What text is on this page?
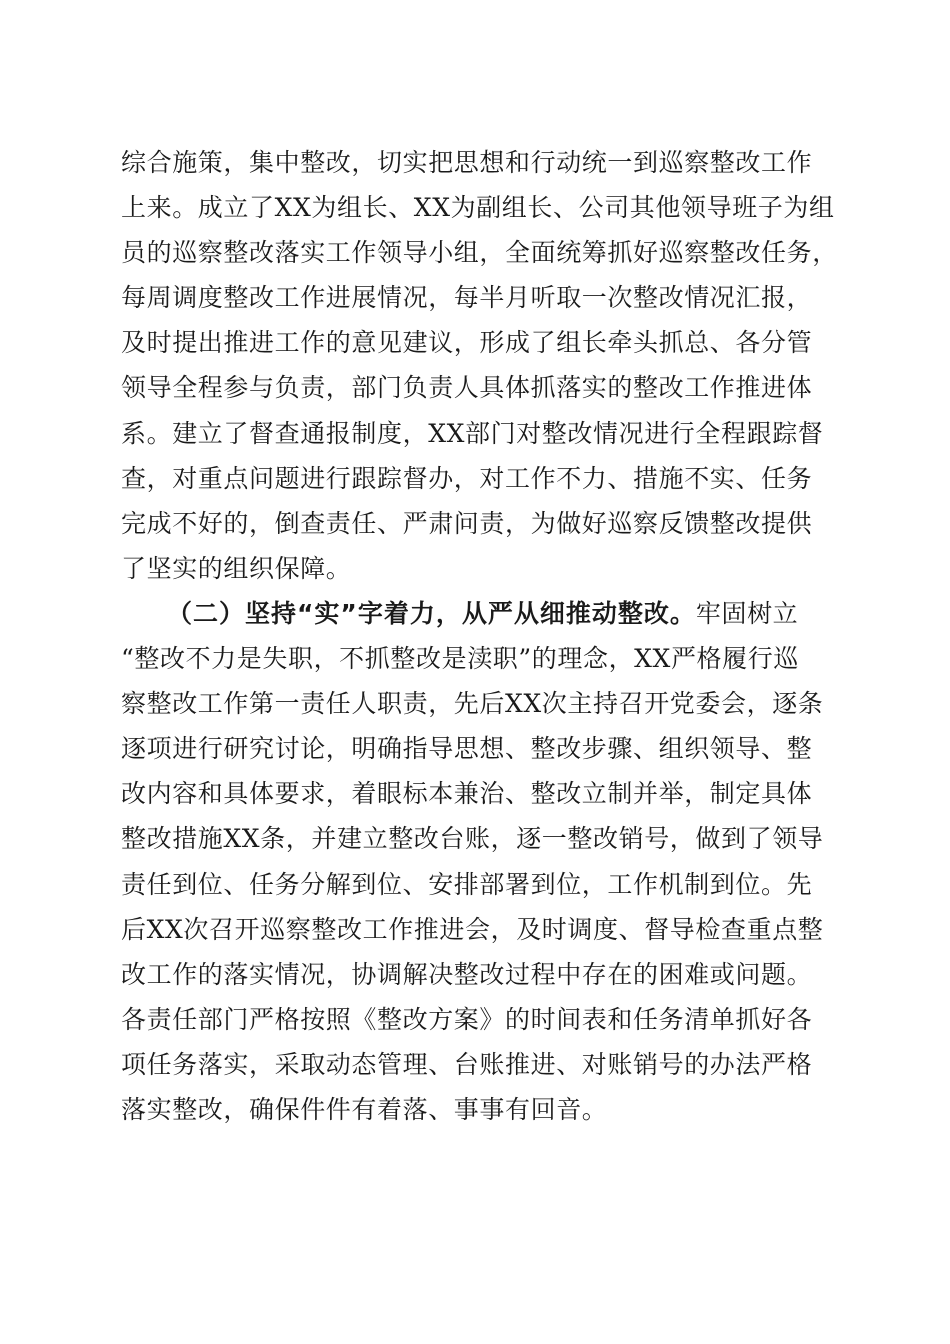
综合施策，集中整改，切实把思想和行动统一到巡察整改工作

上来。成立了XX为组长、XX为副组长、公司其他领导班子为组

员的巡察整改落实工作领导小组，全面统筹抓好巡察整改任务，

每周调度整改工作进展情况，每半月听取一次整改情况汇报，

及时提出推进工作的意见建议，形成了组长牵头抓总、各分管

领导全程参与负责，部门负责人具体抓落实的整改工作推进体

系。建立了督查通报制度，XX部门对整改情况进行全程跟踪督

查，对重点问题进行跟踪督办，对工作不力、措施不实、任务

完成不好的，倒查责任、严肃问责，为做好巡察反馈整改提供

了坚实的组织保障。

（二）坚持“实”字着力，从严从细推动整改。牢固树立

“整改不力是失职，不抓整改是渎职”的理念，XX严格履行巡

察整改工作第一责任人职责，先后XX次主持召开党委会，逐条

逐项进行研究讨论，明确指导思想、整改步骤、组织领导、整

改内容和具体要求，着眼标本兼治、整改立制并举，制定具体

整改措施XX条，并建立整改台账，逐一整改销号，做到了领导

责任到位、任务分解到位、安排部署到位，工作机制到位。先

后XX次召开巡察整改工作推进会，及时调度、督导检查重点整

改工作的落实情况，协调解决整改过程中存在的困难或问题。

各责任部门严格按照《整改方案》的时间表和任务清单抓好各

项任务落实，采取动态管理、台账推进、对账销号的办法严格

落实整改，确保件件有着落、事事有回音。
